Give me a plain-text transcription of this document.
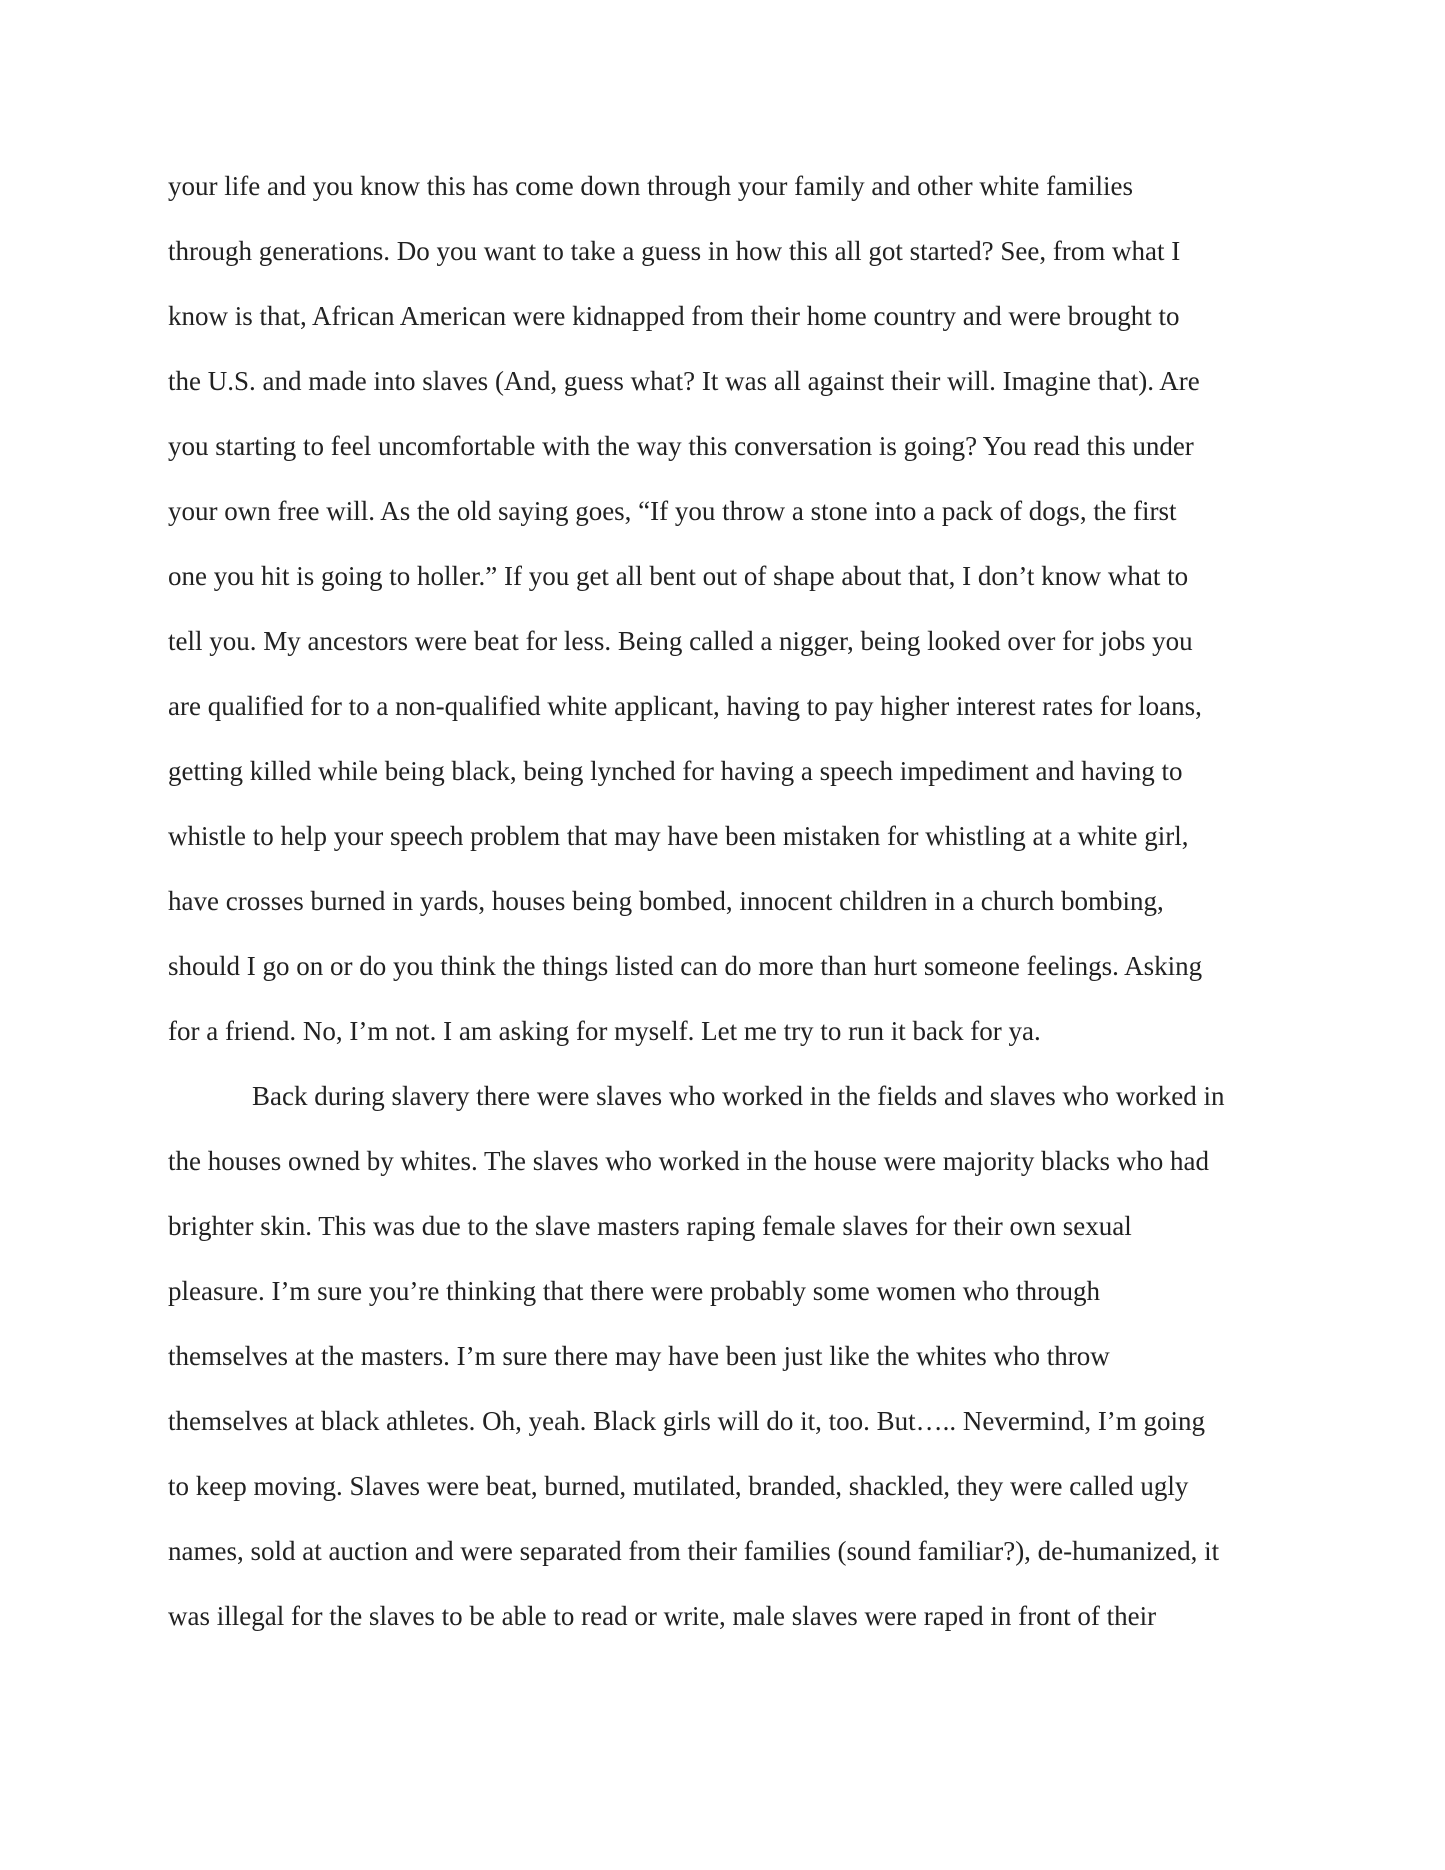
your life and you know this has come down through your family and other white families
through generations. Do you want to take a guess in how this all got started? See, from what I
know is that, African American were kidnapped from their home country and were brought to
the U.S. and made into slaves (And, guess what? It was all against their will. Imagine that). Are
you starting to feel uncomfortable with the way this conversation is going? You read this under
your own free will. As the old saying goes, “If you throw a stone into a pack of dogs, the first
one you hit is going to holler.” If you get all bent out of shape about that, I don’t know what to
tell you. My ancestors were beat for less. Being called a nigger, being looked over for jobs you
are qualified for to a non-qualified white applicant, having to pay higher interest rates for loans,
getting killed while being black, being lynched for having a speech impediment and having to
whistle to help your speech problem that may have been mistaken for whistling at a white girl,
have crosses burned in yards, houses being bombed, innocent children in a church bombing,
should I go on or do you think the things listed can do more than hurt someone feelings. Asking
for a friend. No, I’m not. I am asking for myself. Let me try to run it back for ya.
Back during slavery there were slaves who worked in the fields and slaves who worked in
the houses owned by whites. The slaves who worked in the house were majority blacks who had
brighter skin. This was due to the slave masters raping female slaves for their own sexual
pleasure. I’m sure you’re thinking that there were probably some women who through
themselves at the masters. I’m sure there may have been just like the whites who throw
themselves at black athletes. Oh, yeah. Black girls will do it, too. But….. Nevermind, I’m going
to keep moving. Slaves were beat, burned, mutilated, branded, shackled, they were called ugly
names, sold at auction and were separated from their families (sound familiar?), de-humanized, it
was illegal for the slaves to be able to read or write, male slaves were raped in front of their
